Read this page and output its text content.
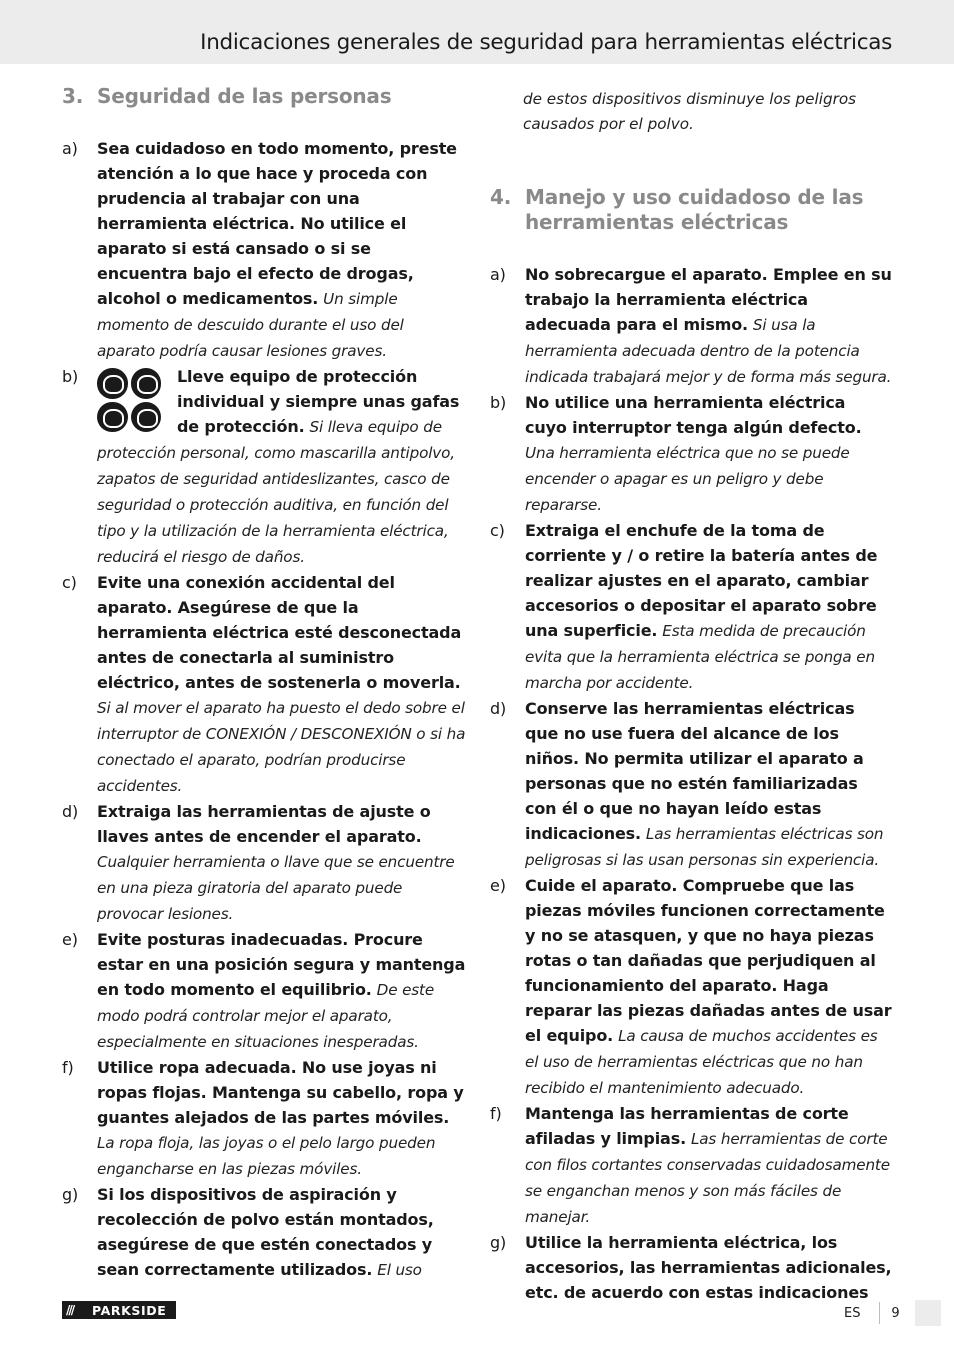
Indicaciones generales de seguridad para herramientas eléctricas
3. Seguridad de las personas
a)	Sea cuidadoso en todo momento, preste atención a lo que hace y proceda con prudencia al trabajar con una herramienta eléctrica. No utilice el aparato si está cansado o si se encuentra bajo el efecto de drogas, alcohol o medicamentos. Un simple momento de descuido durante el uso del aparato podría causar lesiones graves.
b)	Lleve equipo de protección individual y siempre unas gafas de protección. Si lleva equipo de protección personal, como mascarilla antipolvo, zapatos de seguridad antideslizantes, casco de seguridad o protección auditiva, en función del tipo y la utilización de la herramienta eléctrica, reducirá el riesgo de daños.
c)	Evite una conexión accidental del aparato. Asegúrese de que la herramienta eléctrica esté desconectada antes de conectarla al suministro eléctrico, antes de sostenerla o moverla. Si al mover el aparato ha puesto el dedo sobre el interruptor de CONEXIÓN / DESCONEXIÓN o si ha conectado el aparato, podrían producirse accidentes.
d)	Extraiga las herramientas de ajuste o llaves antes de encender el aparato. Cualquier herramienta o llave que se encuentre en una pieza giratoria del aparato puede provocar lesiones.
e)	Evite posturas inadecuadas. Procure estar en una posición segura y mantenga en todo momento el equilibrio. De este modo podrá controlar mejor el aparato, especialmente en situaciones inesperadas.
f)	Utilice ropa adecuada. No use joyas ni ropas flojas. Mantenga su cabello, ropa y guantes alejados de las partes móviles. La ropa floja, las joyas o el pelo largo pueden engancharse en las piezas móviles.
g)	Si los dispositivos de aspiración y recolección de polvo están montados, asegúrese de que estén conectados y sean correctamente utilizados. El uso
de estos dispositivos disminuye los peligros causados por el polvo.
4. Manejo y uso cuidadoso de las herramientas eléctricas
a)	No sobrecargue el aparato. Emplee en su trabajo la herramienta eléctrica adecuada para el mismo. Si usa la herramienta adecuada dentro de la potencia indicada trabajará mejor y de forma más segura.
b)	No utilice una herramienta eléctrica cuyo interruptor tenga algún defecto. Una herramienta eléctrica que no se puede encender o apagar es un peligro y debe repararse.
c)	Extraiga el enchufe de la toma de corriente y / o retire la batería antes de realizar ajustes en el aparato, cambiar accesorios o depositar el aparato sobre una superficie. Esta medida de precaución evita que la herramienta eléctrica se ponga en marcha por accidente.
d)	Conserve las herramientas eléctricas que no use fuera del alcance de los niños. No permita utilizar el aparato a personas que no estén familiarizadas con él o que no hayan leído estas indicaciones. Las herramientas eléctricas son peligrosas si las usan personas sin experiencia.
e)	Cuide el aparato. Compruebe que las piezas móviles funcionen correctamente y no se atasquen, y que no haya piezas rotas o tan dañadas que perjudiquen al funcionamiento del aparato. Haga reparar las piezas dañadas antes de usar el equipo. La causa de muchos accidentes es el uso de herramientas eléctricas que no han recibido el mantenimiento adecuado.
f)	Mantenga las herramientas de corte afiladas y limpias. Las herramientas de corte con filos cortantes conservadas cuidadosamente se enganchan menos y son más fáciles de manejar.
g)	Utilice la herramienta eléctrica, los accesorios, las herramientas adicionales, etc. de acuerdo con estas indicaciones
///	PARKSIDE	ES	9
